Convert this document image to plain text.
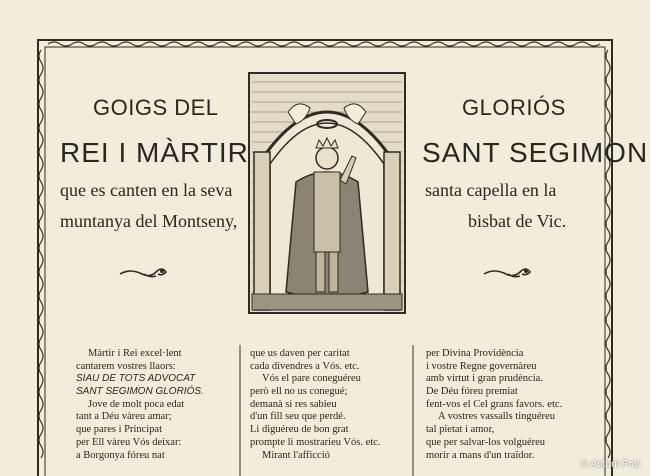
GOIGS DEL	GLORIÓS
REI I MÀRTIR	SANT SEGIMON
que es canten en la seva	santa capella en la
muntanya del Montseny,	bisbat de Vic.
Màrtir i Rei excel·lent
cantarem vostres llaors:
SIAU DE TOTS ADVOCAT
SANT SEGIMON GLORIÓS.
Jove de molt poca edat
tant a Déu vàreu amar;
que pares i Principat
per Ell vàreu Vós deixar:
a Borgonya fóreu nat
que us daven per caritat
cada divendres a Vós. etc.
Vós el pare coneguéreu
però ell no us conegué;
demanà si res sabieu
d'un fill seu que perdé.
Li diguéreu de bon grat
prompte li mostrarieu Vós. etc.
Mirant l'afficció
per Divina Providència
i vostre Regne governàreu
amb virtut i gran prudència.
De Déu fóreu premiat
fent-vos el Cel grans favors. etc.
A vostres vassalls tinguéreu
tal pietat i amor,
que per salvar-los volguéreu
morir a mans d'un traïdor.
© Antoni Prat
